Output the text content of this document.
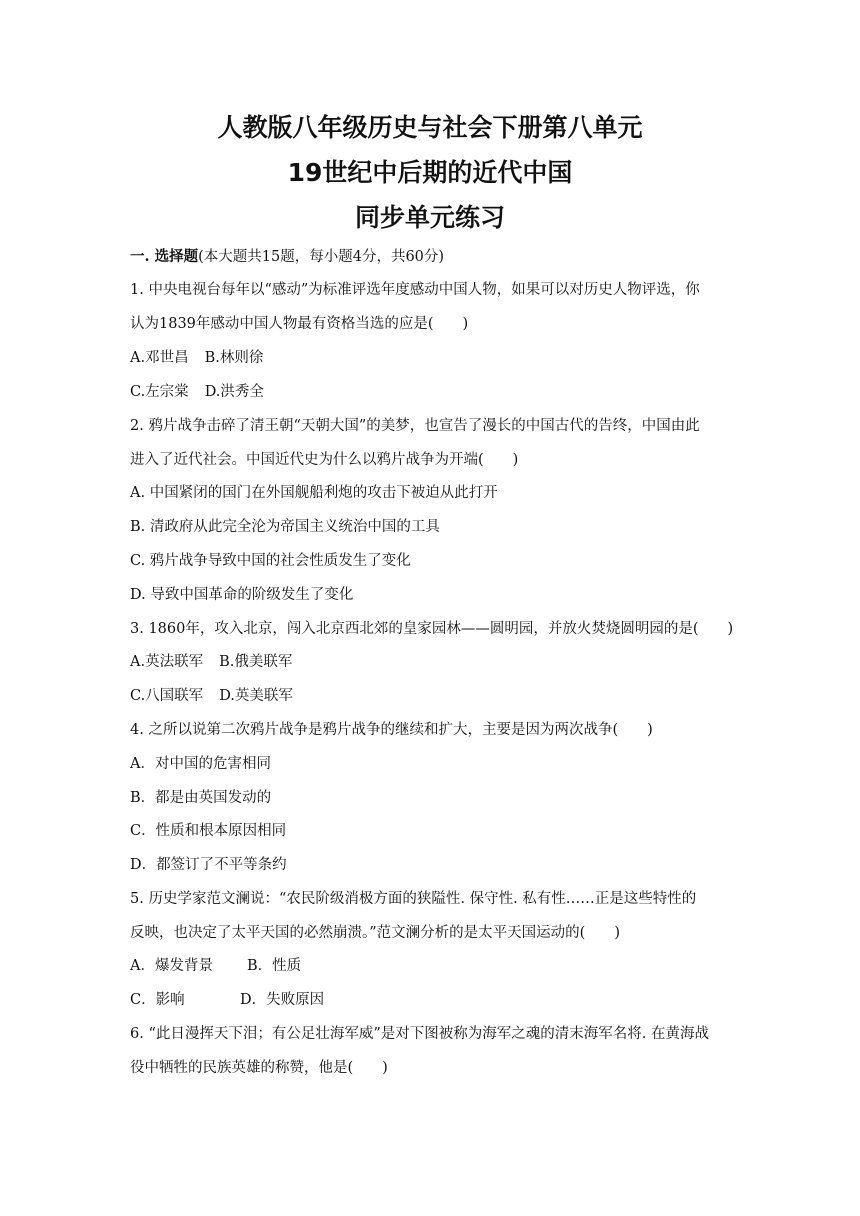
人教版八年级历史与社会下册第八单元
19世纪中后期的近代中国
同步单元练习
一. 选择题(本大题共15题，每小题4分，共60分)
1. 中央电视台每年以“感动”为标准评选年度感动中国人物，如果可以对历史人物评选，你
认为1839年感动中国人物最有资格当选的应是(　　)
A.邓世昌 B.林则徐
C.左宗棠 D.洪秀全
2. 鸦片战争击碎了清王朝“天朝大国”的美梦，也宣告了漫长的中国古代的告终，中国由此
进入了近代社会。中国近代史为什么以鸦片战争为开端(　　)
A. 中国紧闭的国门在外国舰船利炮的攻击下被迫从此打开
B. 清政府从此完全沦为帝国主义统治中国的工具
C. 鸦片战争导致中国的社会性质发生了变化
D. 导致中国革命的阶级发生了变化
3. 1860年，攻入北京，闯入北京西北郊的皇家园林——圆明园，并放火焚烧圆明园的是(　　)
A.英法联军 B.俄美联军
C.八国联军 D.英美联军
4. 之所以说第二次鸦片战争是鸦片战争的继续和扩大，主要是因为两次战争(　　)
A．对中国的危害相同
B．都是由英国发动的
C．性质和根本原因相同
D．都签订了不平等条约
5. 历史学家范文澜说：“农民阶级消极方面的狭隘性. 保守性. 私有性……正是这些特性的
反映，也决定了太平天国的必然崩溃。”范文澜分析的是太平天国运动的(　　)
A．爆发背景 B．性质
C．影响	D．失败原因
6. “此日漫挥天下泪；有公足壮海军威”是对下图被称为海军之魂的清末海军名将. 在黄海战
役中牺牲的民族英雄的称赞，他是(　　)
